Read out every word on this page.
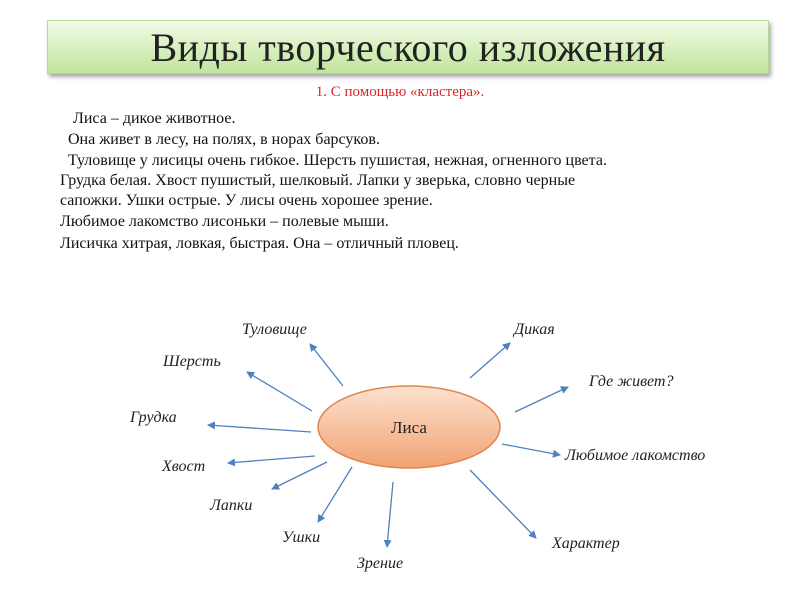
Виды творческого изложения
1. С помощью «кластера».
Лиса – дикое животное.
Она живет в лесу, на полях, в норах барсуков.
Туловище у лисицы очень гибкое. Шерсть пушистая, нежная, огненного цвета.
Грудка белая. Хвост пушистый, шелковый. Лапки у зверька, словно черные
сапожки. Ушки острые. У лисы очень хорошее зрение.
Любимое лакомство лисоньки – полевые мыши.
Лисичка хитрая, ловкая, быстрая. Она – отличный пловец.
Лиса
Туловище	Дикая
Шерсть
Где живет?
Грудка
Любимое лакомство
Хвост
Лапки
Ушки
Зрение
Характер
